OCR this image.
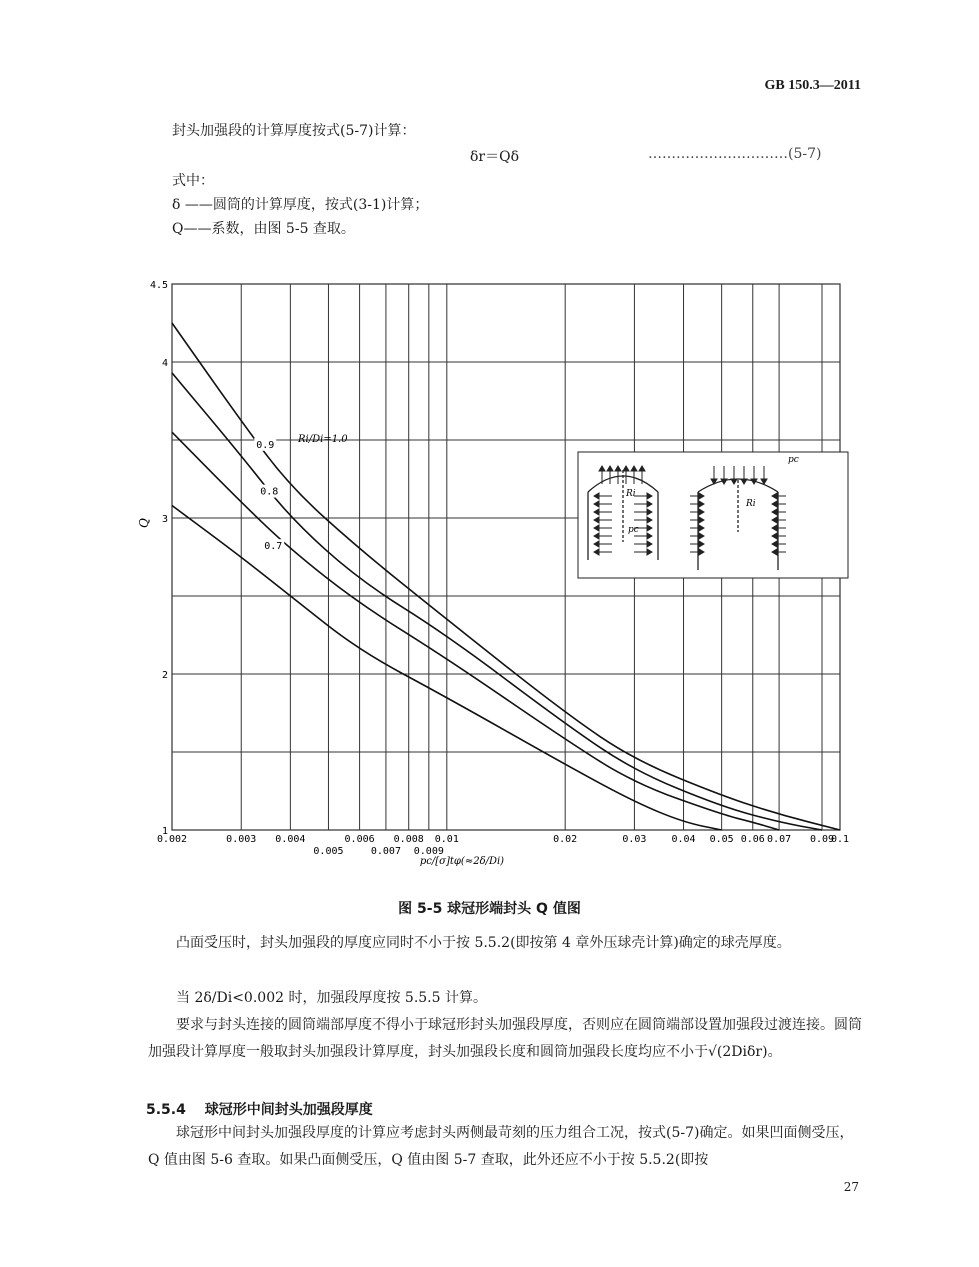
GB 150.3—2011
封头加强段的计算厚度按式(5-7)计算：
δr＝Qδ	…………………………(5-7)
式中：
δ ——圆筒的计算厚度，按式(3-1)计算；
Q——系数，由图 5-5 查取。
0.002	0.003 0.004
0.005
0.006
0.007
0.008
0.009
0.01	0.02	0.03	0.04 0.05 0.06 0.07 0.09
0.1
1
2
3
4
4.5
0.9
0.8
0.7
Ri
pc
Ri
pc
Ri/Di=1.0
Q
pc/[σ]tφ(≈2δ/Di)
图 5-5 球冠形端封头 Q 值图
凸面受压时，封头加强段的厚度应同时不小于按 5.5.2(即按第 4 章外压球壳计算)确定的球壳厚度。
当 2δ/Di<0.002 时，加强段厚度按 5.5.5 计算。
要求与封头连接的圆筒端部厚度不得小于球冠形封头加强段厚度，否则应在圆筒端部设置加强段过渡连接。圆筒加强段计算厚度一般取封头加强段计算厚度，封头加强段长度和圆筒加强段长度均应不小于√(2Diδr)。
5.5.4 球冠形中间封头加强段厚度
球冠形中间封头加强段厚度的计算应考虑封头两侧最苛刻的压力组合工况，按式(5-7)确定。如果凹面侧受压，Q 值由图 5-6 查取。如果凸面侧受压，Q 值由图 5-7 查取，此外还应不小于按 5.5.2(即按
27
